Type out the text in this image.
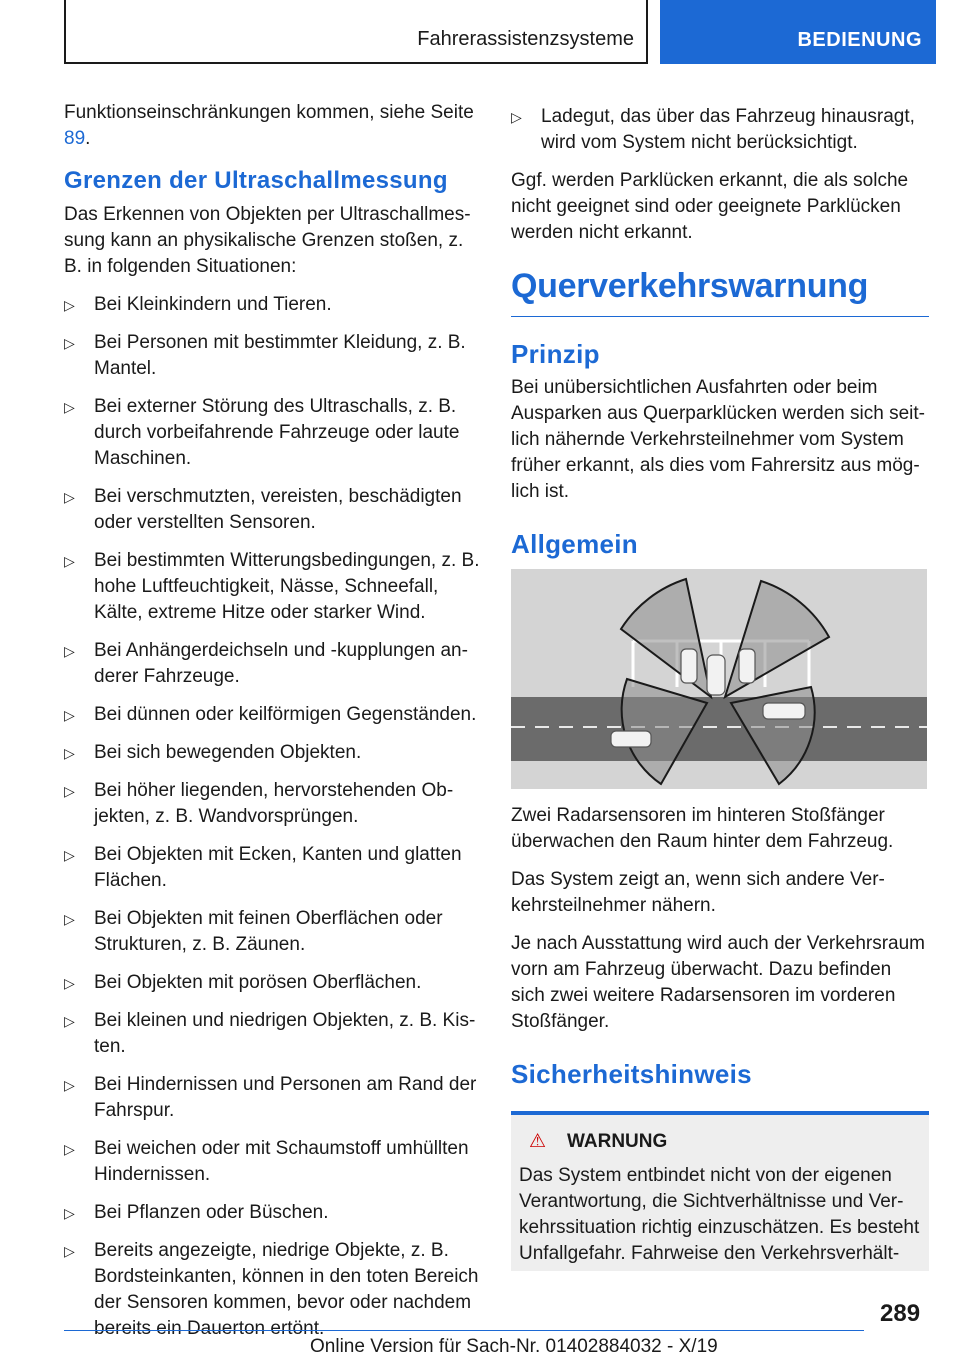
Fahrerassistenzsysteme	BEDIENUNG

Funktionseinschränkungen kommen, siehe Seite 89.

Grenzen der Ultraschallmessung

Das Erkennen von Objekten per Ultraschallmessung kann an physikalische Grenzen stoßen, z. B. in folgenden Situationen:

▷ Bei Kleinkindern und Tieren.
▷ Bei Personen mit bestimmter Kleidung, z. B. Mantel.
▷ Bei externer Störung des Ultraschalls, z. B. durch vorbeifahrende Fahrzeuge oder laute Maschinen.
▷ Bei verschmutzten, vereisten, beschädigten oder verstellten Sensoren.
▷ Bei bestimmten Witterungsbedingungen, z. B. hohe Luftfeuchtigkeit, Nässe, Schneefall, Kälte, extreme Hitze oder starker Wind.
▷ Bei Anhängerdeichseln und -kupplungen anderer Fahrzeuge.
▷ Bei dünnen oder keilförmigen Gegenständen.
▷ Bei sich bewegenden Objekten.
▷ Bei höher liegenden, hervorstehenden Objekten, z. B. Wandvorsprüngen.
▷ Bei Objekten mit Ecken, Kanten und glatten Flächen.
▷ Bei Objekten mit feinen Oberflächen oder Strukturen, z. B. Zäunen.
▷ Bei Objekten mit porösen Oberflächen.
▷ Bei kleinen und niedrigen Objekten, z. B. Kisten.
▷ Bei Hindernissen und Personen am Rand der Fahrspur.
▷ Bei weichen oder mit Schaumstoff umhüllten Hindernissen.
▷ Bei Pflanzen oder Büschen.
▷ Bereits angezeigte, niedrige Objekte, z. B. Bordsteinkanten, können in den toten Bereich der Sensoren kommen, bevor oder nachdem bereits ein Dauerton ertönt.
▷ Ladegut, das über das Fahrzeug hinausragt, wird vom System nicht berücksichtigt.

Ggf. werden Parklücken erkannt, die als solche nicht geeignet sind oder geeignete Parklücken werden nicht erkannt.

Querverkehrswarnung
Prinzip

Bei unübersichtlichen Ausfahrten oder beim Ausparken aus Querparklücken werden sich seitlich nähernde Verkehrsteilnehmer vom System früher erkannt, als dies vom Fahrersitz aus möglich ist.

Allgemein

Zwei Radarsensoren im hinteren Stoßfänger überwachen den Raum hinter dem Fahrzeug.

Das System zeigt an, wenn sich andere Verkehrsteilnehmer nähern.

Je nach Ausstattung wird auch der Verkehrsraum vorn am Fahrzeug überwacht. Dazu befinden sich zwei weitere Radarsensoren im vorderen Stoßfänger.

Sicherheitshinweis

⚠ WARNUNG

Das System entbindet nicht von der eigenen Verantwortung, die Sichtverhältnisse und Verkehrssituation richtig einzuschätzen. Es besteht Unfallgefahr. Fahrweise den Verkehrsverhält-

289
Online Version für Sach-Nr. 01402884032 - X/19
